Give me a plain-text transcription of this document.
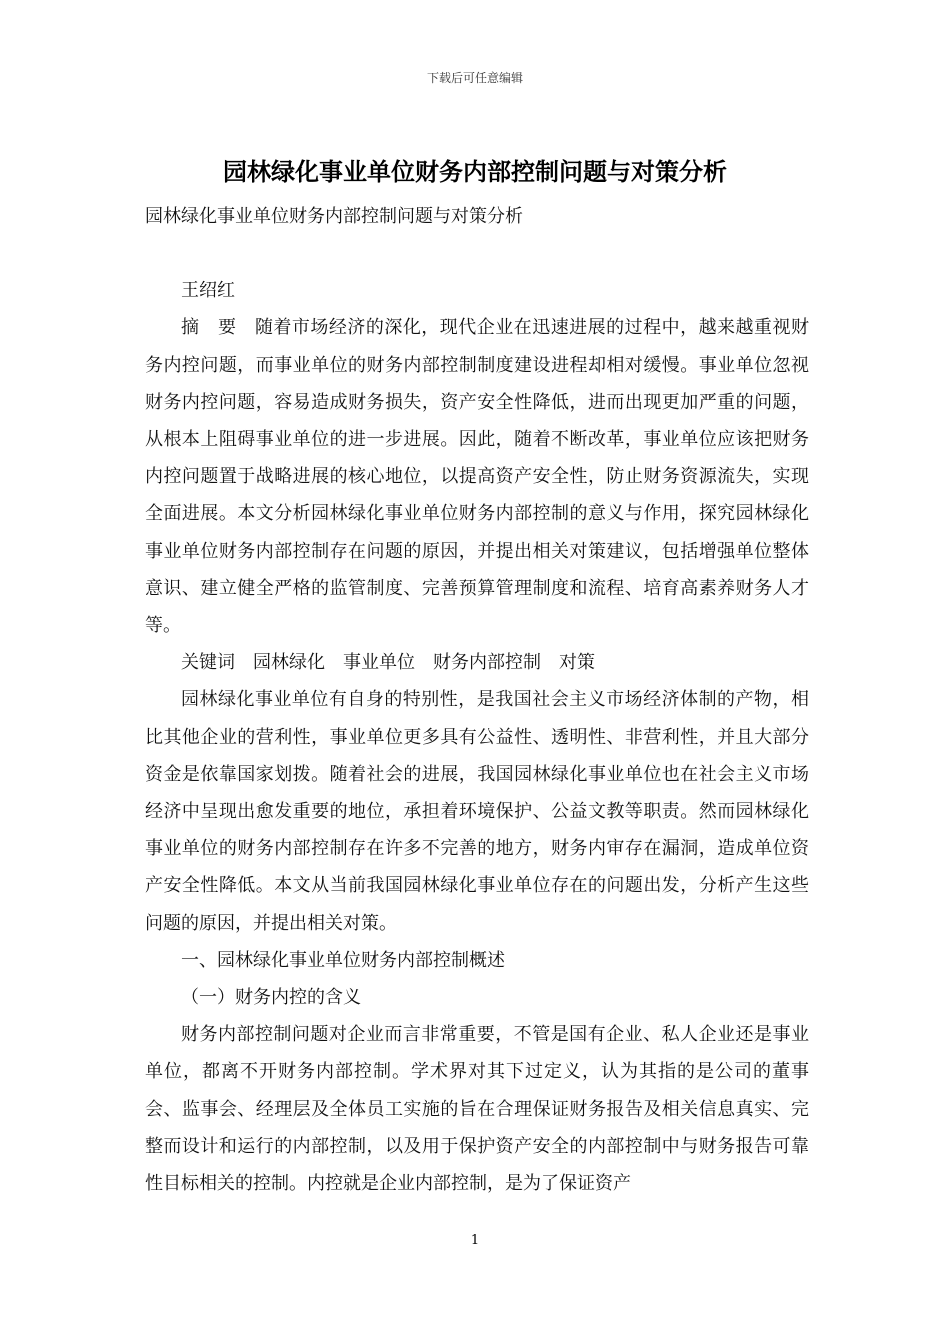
下载后可任意编辑
园林绿化事业单位财务内部控制问题与对策分析

园林绿化事业单位财务内部控制问题与对策分析

王绍红

摘　要　随着市场经济的深化，现代企业在迅速进展的过程中，越来越重视财务内控问题，而事业单位的财务内部控制制度建设进程却相对缓慢。事业单位忽视财务内控问题，容易造成财务损失，资产安全性降低，进而出现更加严重的问题，从根本上阻碍事业单位的进一步进展。因此，随着不断改革，事业单位应该把财务内控问题置于战略进展的核心地位，以提高资产安全性，防止财务资源流失，实现全面进展。本文分析园林绿化事业单位财务内部控制的意义与作用，探究园林绿化事业单位财务内部控制存在问题的原因，并提出相关对策建议，包括增强单位整体意识、建立健全严格的监管制度、完善预算管理制度和流程、培育高素养财务人才等。

关键词　园林绿化　事业单位　财务内部控制　对策

园林绿化事业单位有自身的特别性，是我国社会主义市场经济体制的产物，相比其他企业的营利性，事业单位更多具有公益性、透明性、非营利性，并且大部分资金是依靠国家划拨。随着社会的进展，我国园林绿化事业单位也在社会主义市场经济中呈现出愈发重要的地位，承担着环境保护、公益文教等职责。然而园林绿化事业单位的财务内部控制存在许多不完善的地方，财务内审存在漏洞，造成单位资产安全性降低。本文从当前我国园林绿化事业单位存在的问题出发，分析产生这些问题的原因，并提出相关对策。

一、园林绿化事业单位财务内部控制概述

（一）财务内控的含义

财务内部控制问题对企业而言非常重要，不管是国有企业、私人企业还是事业单位，都离不开财务内部控制。学术界对其下过定义，认为其指的是公司的董事会、监事会、经理层及全体员工实施的旨在合理保证财务报告及相关信息真实、完整而设计和运行的内部控制，以及用于保护资产安全的内部控制中与财务报告可靠性目标相关的控制。内控就是企业内部控制，是为了保证资产

1
